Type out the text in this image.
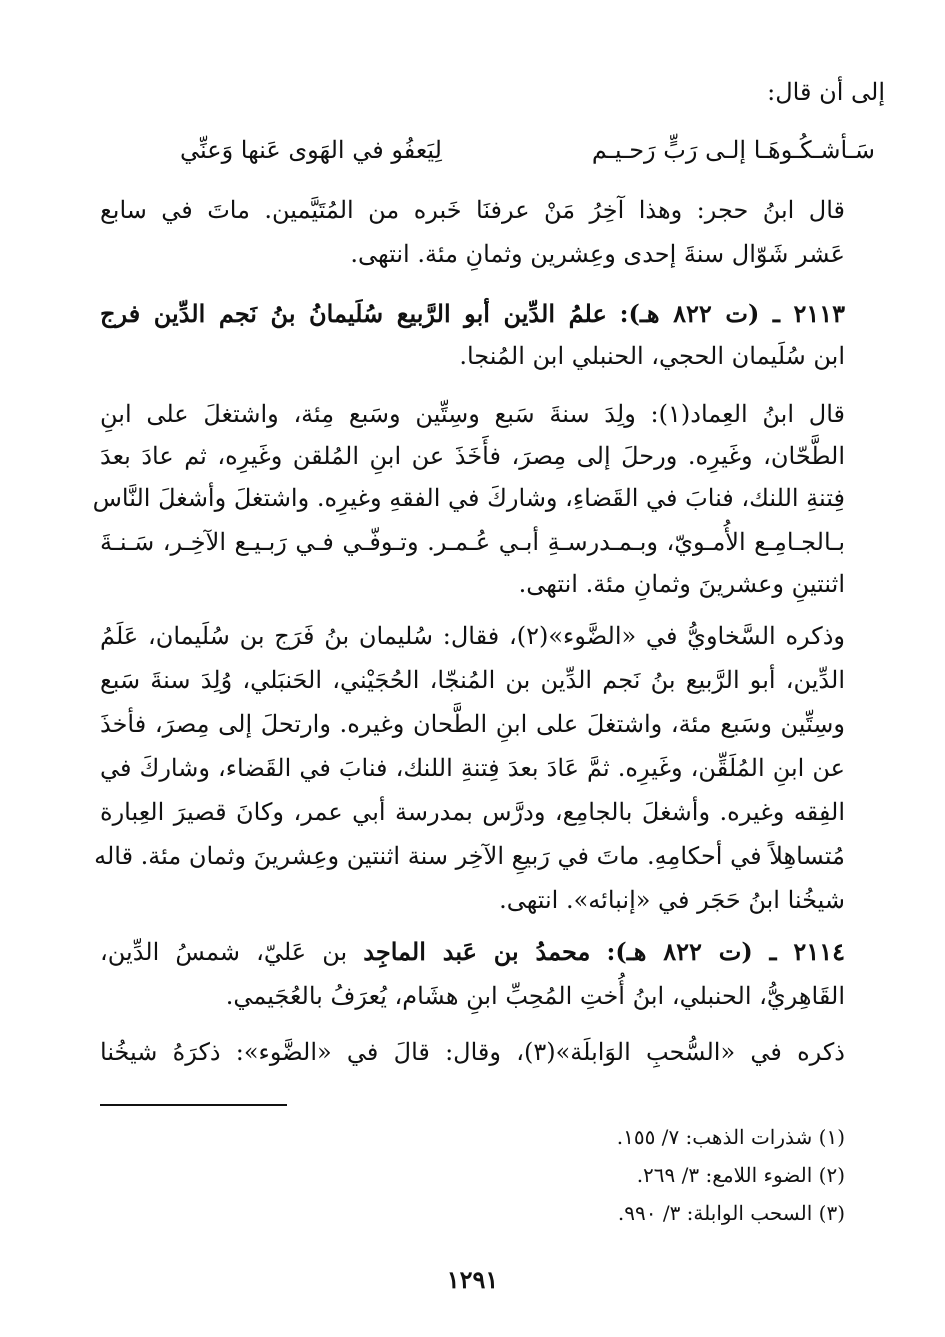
إلى أن قال:
سَـأشـكُـوهَـا إلـى رَبٍّ رَحـيـم
لِيَعفُو في الهَوى عَنها وَعنِّي
قال ابنُ حجر: وهذا آخِرُ مَنْ عرفنَا خَبره من المُتَيَّمين. ماتَ في سابع
عَشر شَوّال سنةَ إحدى وعِشرين وثمانِ مئة. انتهى.
٢١١٣ ـ (ت ٨٢٢ هـ): علمُ الدِّين أبو الرَّبيع سُلَيمانُ بنُ نَجم الدِّين فرج
ابن سُلَيمان الحجي، الحنبلي ابن المُنجا.
قال ابنُ العِماد(١): ولِدَ سنةَ سَبع وسِتِّين وسَبع مِئة، واشتغلَ على ابنِ
الطَّحّان، وغَيرِه. ورحلَ إلى مِصرَ، فأَخَذَ عن ابنِ المُلقن وغَيرِه، ثم عادَ بعدَ
فِتنةِ اللنك، فنابَ في القَضاءِ، وشاركَ في الفقهِ وغيرِه. واشتغلَ وأشغلَ النَّاس
بـالجـامِـع الأُمـويّ، وبـمـدرسـةِ أبـي عُـمـر. وتـوفّـي فـي رَبـيـع الآخِـر، سَـنـةَ
اثنتينِ وعشرينَ وثمانِ مئة. انتهى.
وذكره السَّخاويُّ في «الضَّوء»(٢)، فقال: سُليمان بنُ فَرَج بن سُلَيمان، عَلَمُ
الدِّين، أبو الرَّبيع بنُ نَجم الدِّين بن المُنجّا، الحُجَيْني، الحَنبَلي، وُلِدَ سنةَ سَبع
وسِتِّين وسَبع مئة، واشتغلَ على ابنِ الطَّحان وغيره. وارتحلَ إلى مِصرَ، فأخذَ
عن ابنِ المُلَقِّن، وغَيرِه. ثمَّ عَادَ بعدَ فِتنةِ اللنك، فنابَ في القَضاء، وشاركَ في
الفِقه وغيره. وأشغلَ بالجامِع، ودرَّس بمدرسة أبي عمر، وكانَ قصيرَ العِبارة
مُتساهِلاً في أحكامِهِ. ماتَ في رَبيعِ الآخِر سنة اثنتين وعِشرينَ وثمان مئة. قاله
شيخُنا ابنُ حَجَر في «إنبائه». انتهى.
٢١١٤ ـ (ت ٨٢٢ هـ): محمدُ بن عَبد الماجِد بن عَليّ، شمسُ الدِّين،
القَاهِريُّ، الحنبلي، ابنُ أُختِ المُحِبِّ ابنِ هشَام، يُعرَفُ بالعُجَيمي.
ذكره في «السُّحبِ الوَابلَة»(٣)، وقال: قالَ في «الضَّوء»: ذكرَهُ شيخُنا
(١) شذرات الذهب: ٧/ ١٥٥.
(٢) الضوء اللامع: ٣/ ٢٦٩.
(٣) السحب الوابلة: ٣/ ٩٩٠.
١٢٩١
